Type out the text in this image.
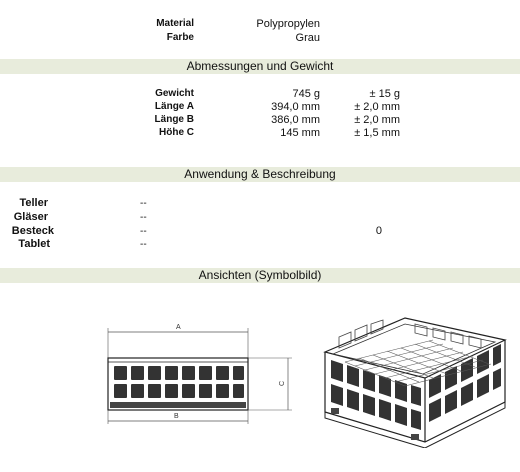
Material	Polypropylen
Farbe	Grau
Abmessungen und Gewicht
Gewicht	745 g	± 15 g
Länge A	394,0 mm	± 2,0 mm
Länge B	386,0 mm	± 2,0 mm
Höhe C	145 mm	± 1,5 mm
Anwendung & Beschreibung
Teller	--
Gläser	--
Besteck	--	0
Tablet	--
Ansichten (Symbolbild)
A
C
B
